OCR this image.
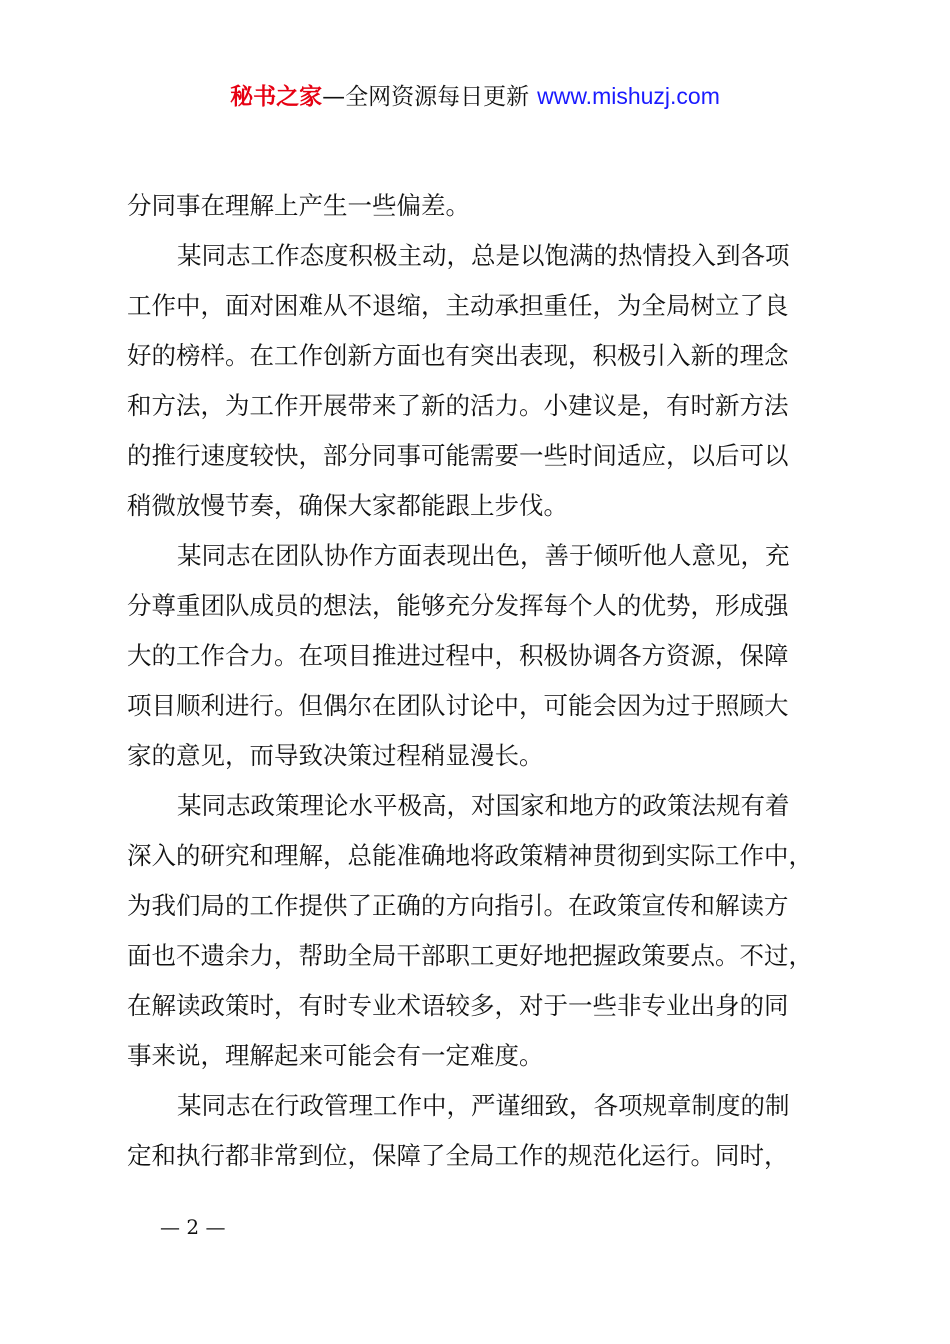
秘书之家—全网资源每日更新 www.mishuzj.com
分同事在理解上产生一些偏差。
某同志工作态度积极主动，总是以饱满的热情投入到各项
工作中，面对困难从不退缩，主动承担重任，为全局树立了良
好的榜样。在工作创新方面也有突出表现，积极引入新的理念
和方法，为工作开展带来了新的活力。小建议是，有时新方法
的推行速度较快，部分同事可能需要一些时间适应，以后可以
稍微放慢节奏，确保大家都能跟上步伐。
某同志在团队协作方面表现出色，善于倾听他人意见，充
分尊重团队成员的想法，能够充分发挥每个人的优势，形成强
大的工作合力。在项目推进过程中，积极协调各方资源，保障
项目顺利进行。但偶尔在团队讨论中，可能会因为过于照顾大
家的意见，而导致决策过程稍显漫长。
某同志政策理论水平极高，对国家和地方的政策法规有着
深入的研究和理解，总能准确地将政策精神贯彻到实际工作中，
为我们局的工作提供了正确的方向指引。在政策宣传和解读方
面也不遗余力，帮助全局干部职工更好地把握政策要点。不过，
在解读政策时，有时专业术语较多，对于一些非专业出身的同
事来说，理解起来可能会有一定难度。
某同志在行政管理工作中，严谨细致，各项规章制度的制
定和执行都非常到位，保障了全局工作的规范化运行。同时，
— 2 —
